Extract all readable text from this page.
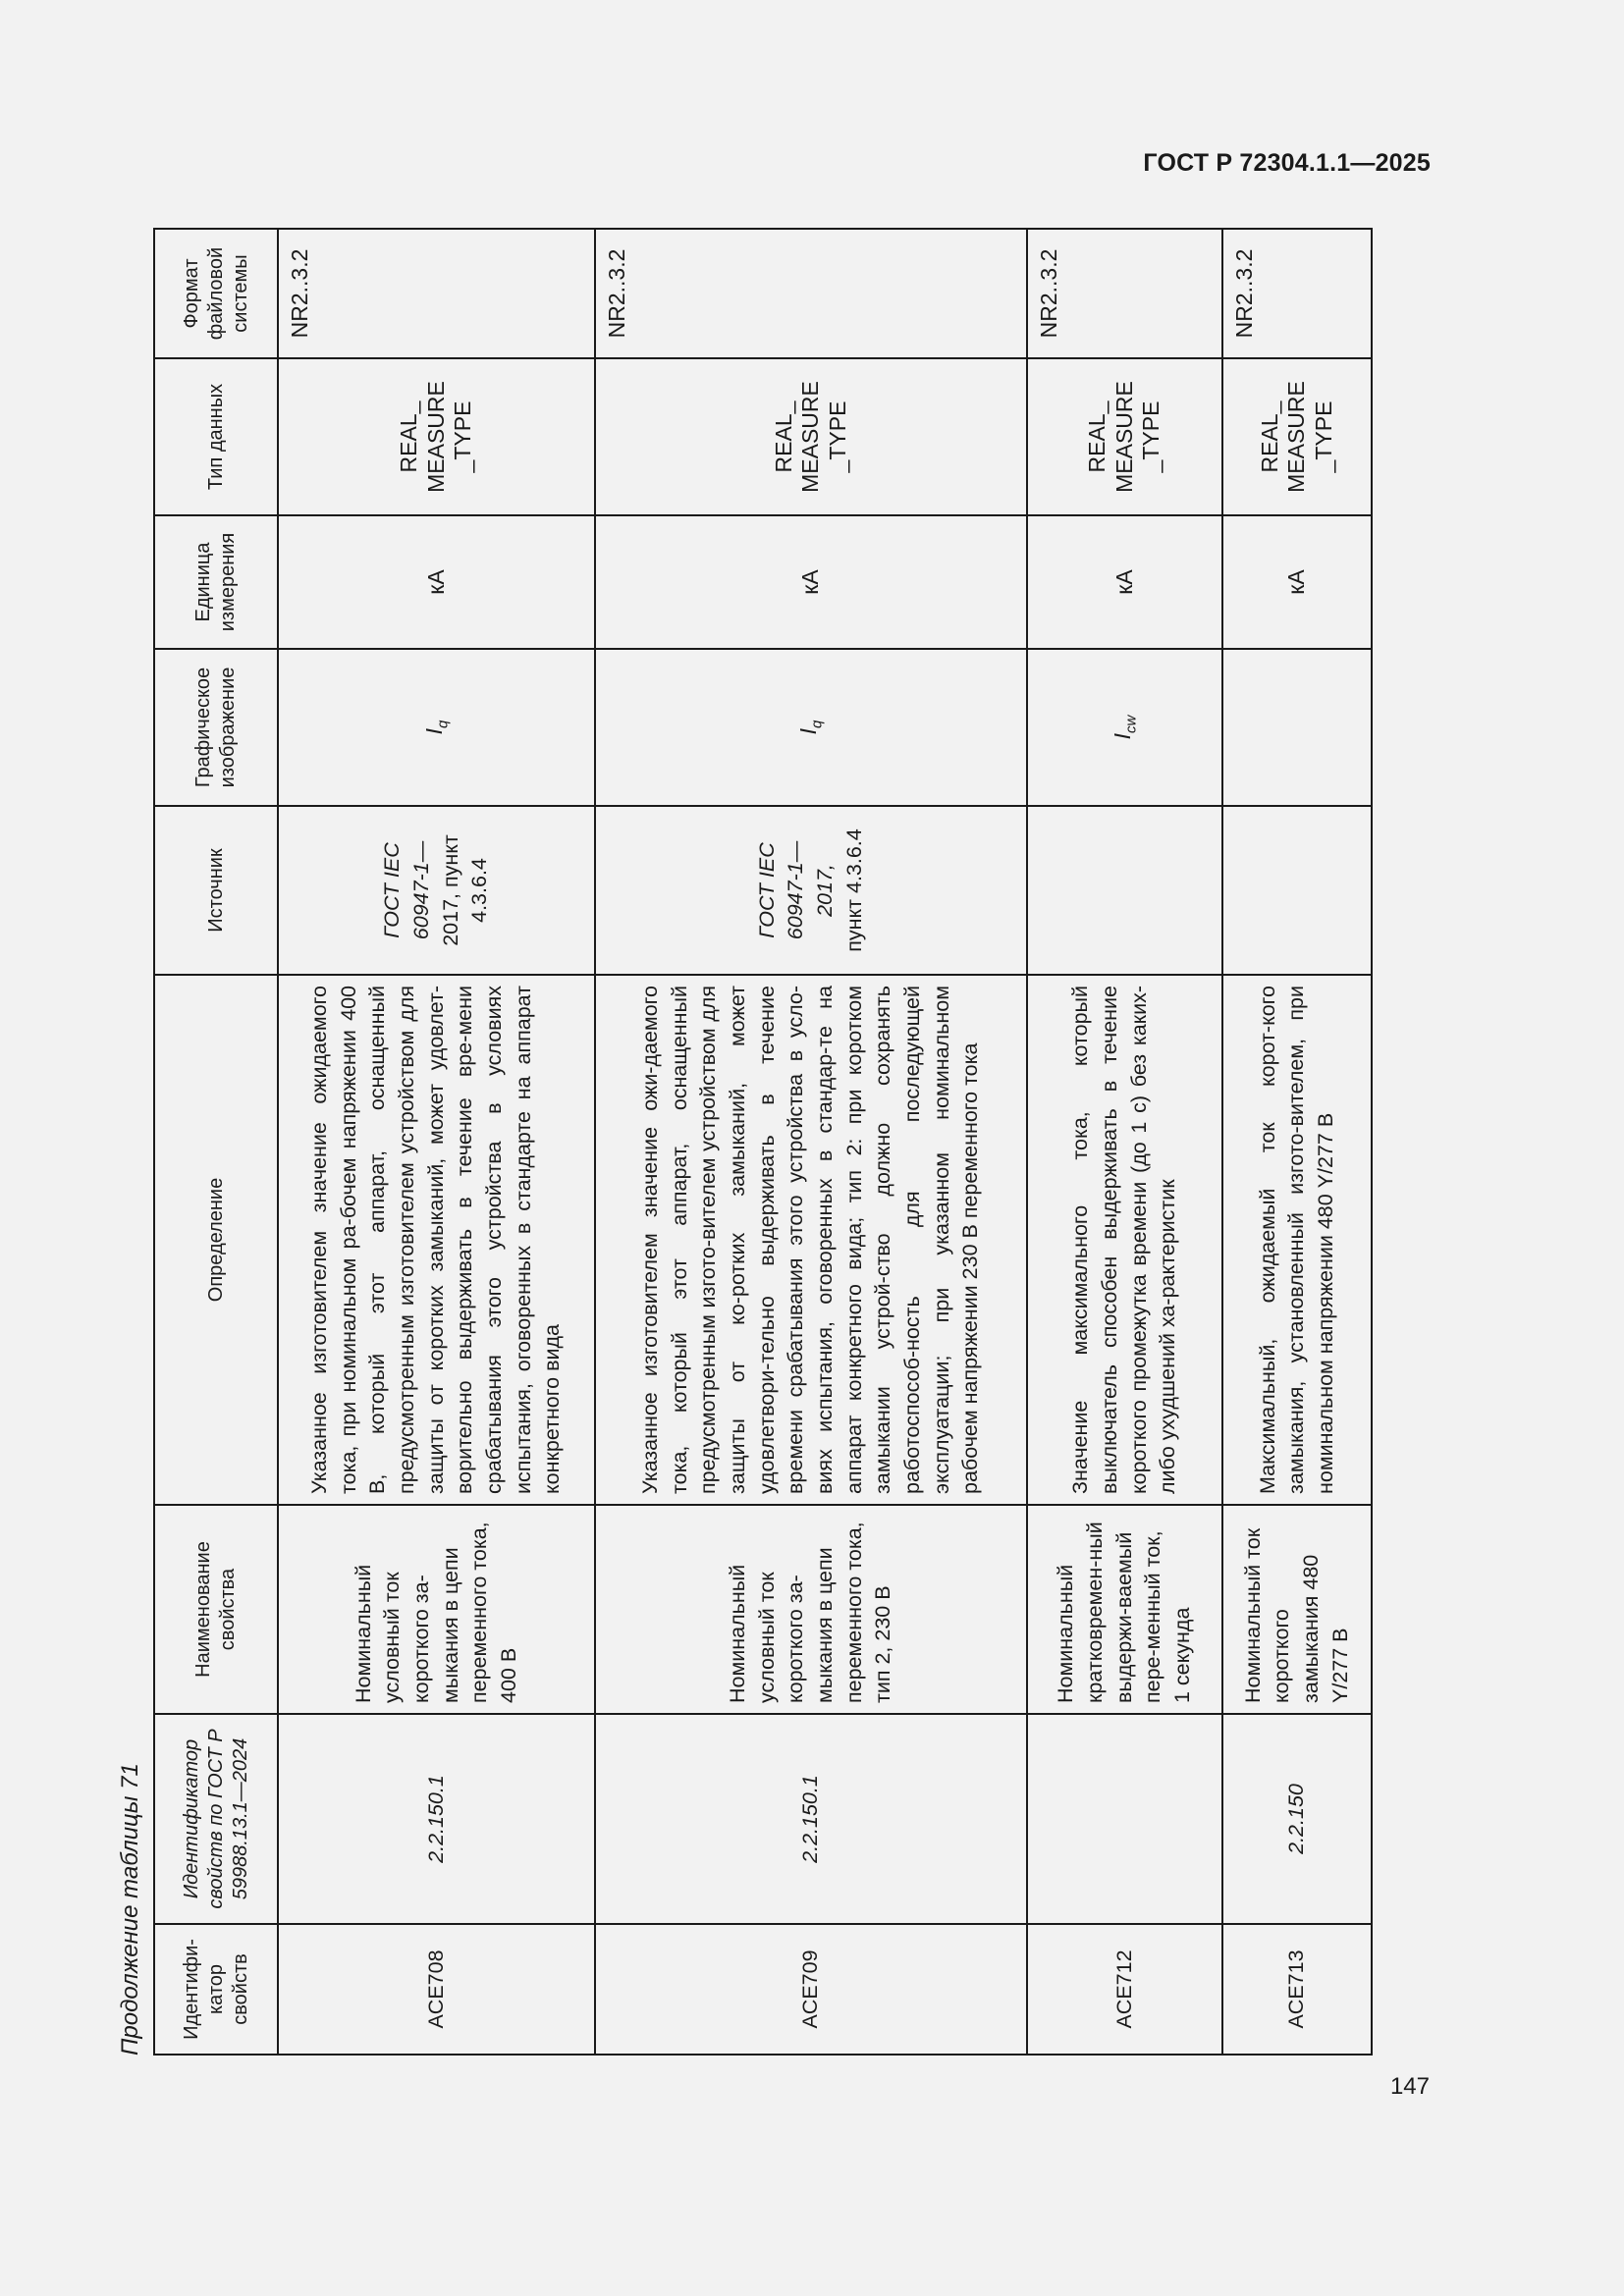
ГОСТ Р 72304.1.1—2025
147
Продолжение таблицы 71	Идентифи-катор свойств	Идентификатор свойств по ГОСТ Р 59988.13.1—2024	Наименование свойства	Определение	Источник	Графическое изображение	Единица измерения	Тип данных	Формат файловой системы
ACE708	2.2.150.1	Номинальный условный ток короткого за-мыкания в цепи переменного тока, 400 В	Указанное изготовителем значение ожидаемого тока, при номинальном ра-бочем напряжении 400 В, который этот аппарат, оснащенный предусмотренным изготовителем устройством для защиты от коротких замыканий, может удовлет-ворительно выдерживать в течение вре-мени срабатывания этого устройства в условиях испытания, оговоренных в стандарте на аппарат конкретного вида	ГОСТ IEC 60947-1— 2017, пункт 4.3.6.4	$I_q$	кА	REAL_ MEASURE _TYPE	NR2..3.2
ACE709	2.2.150.1	Номинальный условный ток короткого за-мыкания в цепи переменного тока, тип 2, 230 В	Указанное изготовителем значение ожи-даемого тока, который этот аппарат, оснащенный предусмотренным изгото-вителем устройством для защиты от ко-ротких замыканий, может удовлетвори-тельно выдерживать в течение времени срабатывания этого устройства в усло-виях испытания, оговоренных в стандар-те на аппарат конкретного вида; тип 2: при коротком замыкании устрой-ство должно сохранять работоспособ-ность для последующей эксплуатации; при указанном номинальном рабочем напряжении 230 В переменного тока	ГОСТ IEC 60947-1— 2017, пункт 4.3.6.4	$I_q$	кА	REAL_ MEASURE _TYPE	NR2..3.2
ACE712		Номинальный кратковремен-ный выдержи-ваемый пере-менный ток, 1 секунда	Значение максимального тока, который выключатель способен выдерживать в течение короткого промежутка времени (до 1 с) без каких-либо ухудшений ха-рактеристик		$I_{cw}$	кА	REAL_ MEASURE _TYPE	NR2..3.2
ACE713	2.2.150	Номинальный ток короткого замыкания 480 Y/277 В	Максимальный, ожидаемый ток корот-кого замыкания, установленный изгото-вителем, при номинальном напряжении 480 Y/277 В			кА	REAL_ MEASURE _TYPE	NR2..3.2
